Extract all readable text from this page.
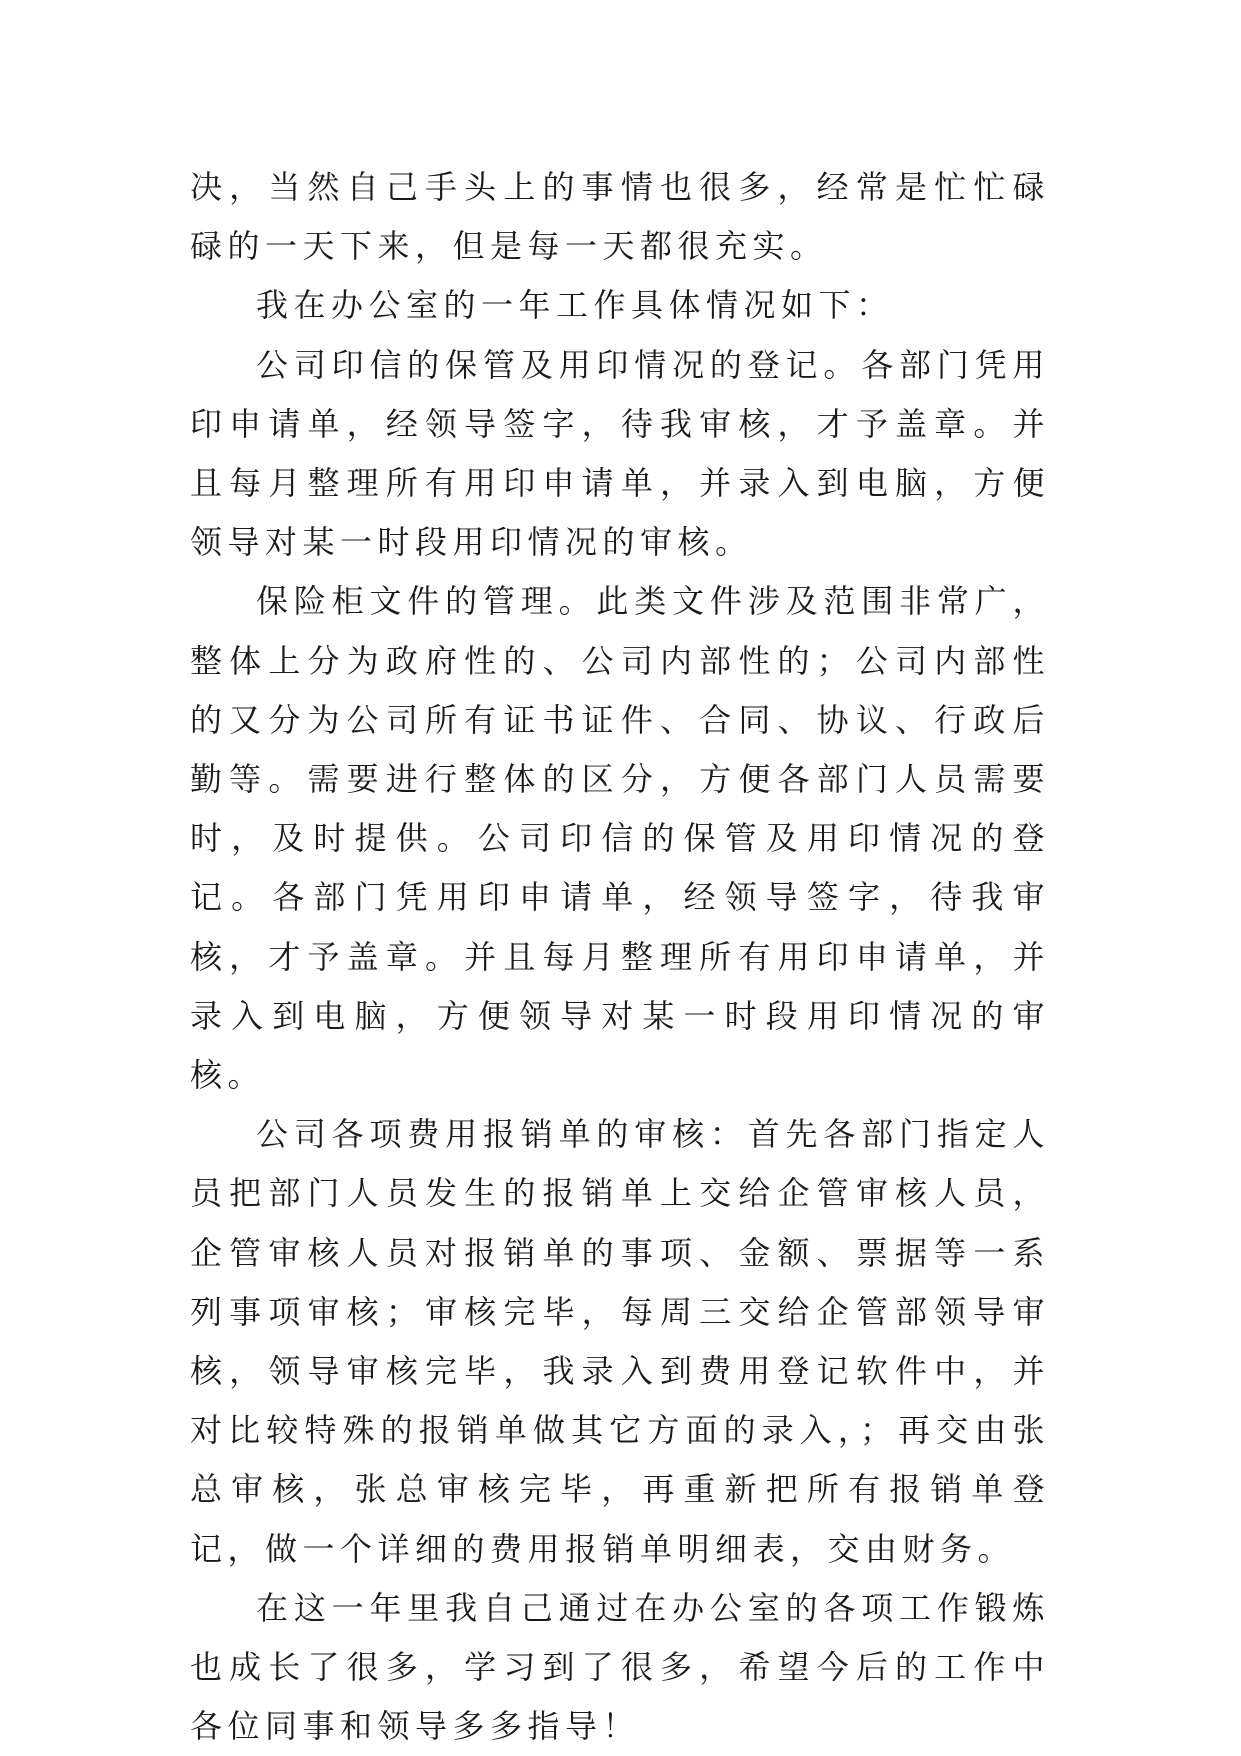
决，当然自己手头上的事情也很多，经常是忙忙碌碌的一天下来，但是每一天都很充实。

我在办公室的一年工作具体情况如下：

公司印信的保管及用印情况的登记。各部门凭用印申请单，经领导签字，待我审核，才予盖章。并且每月整理所有用印申请单，并录入到电脑，方便领导对某一时段用印情况的审核。

保险柜文件的管理。此类文件涉及范围非常广，整体上分为政府性的、公司内部性的；公司内部性的又分为公司所有证书证件、合同、协议、行政后勤等。需要进行整体的区分，方便各部门人员需要时，及时提供。公司印信的保管及用印情况的登记。各部门凭用印申请单，经领导签字，待我审核，才予盖章。并且每月整理所有用印申请单，并录入到电脑，方便领导对某一时段用印情况的审核。

公司各项费用报销单的审核：首先各部门指定人员把部门人员发生的报销单上交给企管审核人员，企管审核人员对报销单的事项、金额、票据等一系列事项审核；审核完毕，每周三交给企管部领导审核，领导审核完毕，我录入到费用登记软件中，并对比较特殊的报销单做其它方面的录入，；再交由张总审核，张总审核完毕，再重新把所有报销单登记，做一个详细的费用报销单明细表，交由财务。

在这一年里我自己通过在办公室的各项工作锻炼也成长了很多，学习到了很多，希望今后的工作中各位同事和领导多多指导！
